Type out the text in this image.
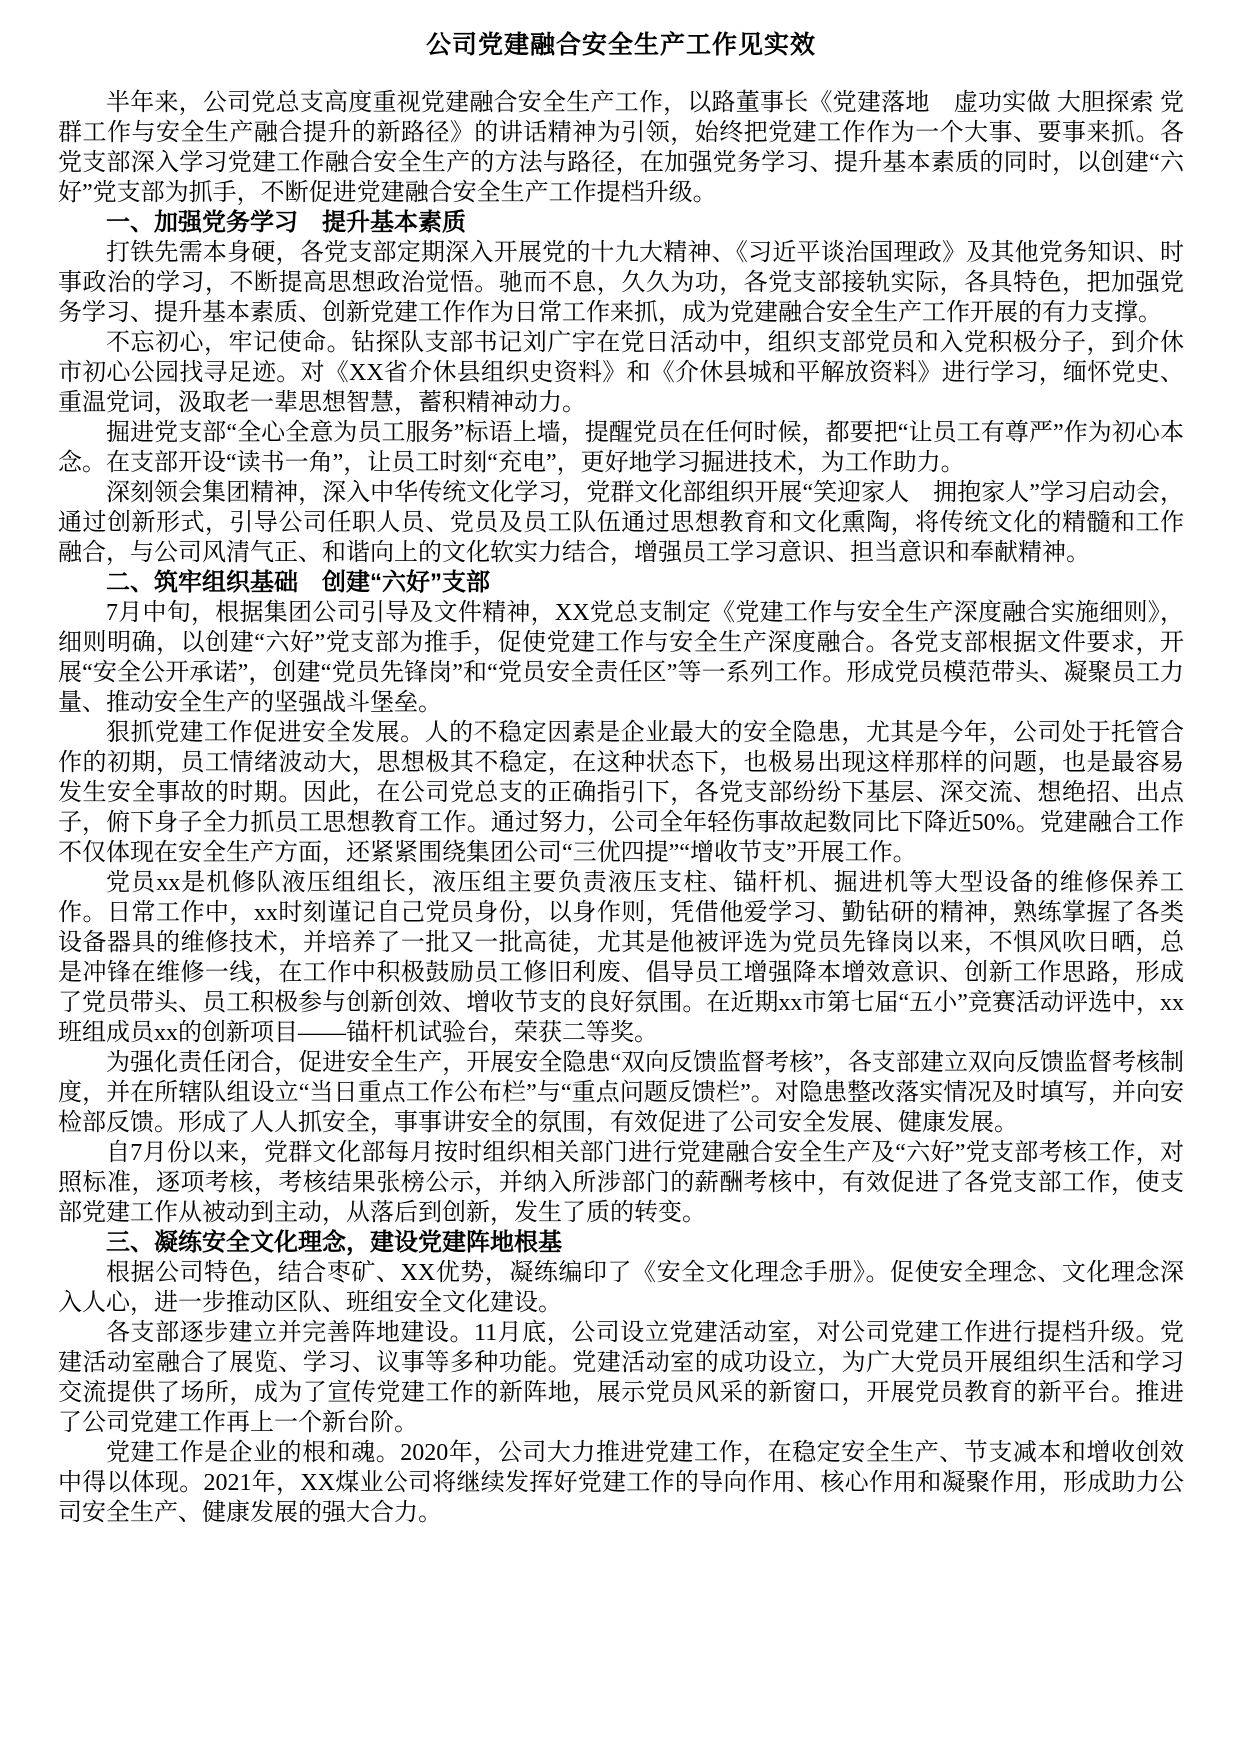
公司党建融合安全生产工作见实效

半年来，公司党总支高度重视党建融合安全生产工作，以路董事长《党建落地　虚功实做 大胆探索 党群工作与安全生产融合提升的新路径》的讲话精神为引领，始终把党建工作作为一个大事、要事来抓。各党支部深入学习党建工作融合安全生产的方法与路径，在加强党务学习、提升基本素质的同时，以创建“六好”党支部为抓手，不断促进党建融合安全生产工作提档升级。

一、加强党务学习　提升基本素质

打铁先需本身硬，各党支部定期深入开展党的十九大精神、《习近平谈治国理政》及其他党务知识、时事政治的学习，不断提高思想政治觉悟。驰而不息，久久为功，各党支部接轨实际，各具特色，把加强党务学习、提升基本素质、创新党建工作作为日常工作来抓，成为党建融合安全生产工作开展的有力支撑。

不忘初心，牢记使命。钻探队支部书记刘广宇在党日活动中，组织支部党员和入党积极分子，到介休市初心公园找寻足迹。对《XX省介休县组织史资料》和《介休县城和平解放资料》进行学习，缅怀党史、重温党词，汲取老一辈思想智慧，蓄积精神动力。

掘进党支部“全心全意为员工服务”标语上墙，提醒党员在任何时候，都要把“让员工有尊严”作为初心本念。在支部开设“读书一角”，让员工时刻“充电”，更好地学习掘进技术，为工作助力。

深刻领会集团精神，深入中华传统文化学习，党群文化部组织开展“笑迎家人　拥抱家人”学习启动会，通过创新形式，引导公司任职人员、党员及员工队伍通过思想教育和文化熏陶，将传统文化的精髓和工作融合，与公司风清气正、和谐向上的文化软实力结合，增强员工学习意识、担当意识和奉献精神。

二、筑牢组织基础　创建“六好”支部

7月中旬，根据集团公司引导及文件精神，XX党总支制定《党建工作与安全生产深度融合实施细则》，细则明确，以创建“六好”党支部为推手，促使党建工作与安全生产深度融合。各党支部根据文件要求，开展“安全公开承诺”，创建“党员先锋岗”和“党员安全责任区”等一系列工作。形成党员模范带头、凝聚员工力量、推动安全生产的坚强战斗堡垒。

狠抓党建工作促进安全发展。人的不稳定因素是企业最大的安全隐患，尤其是今年，公司处于托管合作的初期，员工情绪波动大，思想极其不稳定，在这种状态下，也极易出现这样那样的问题，也是最容易发生安全事故的时期。因此，在公司党总支的正确指引下，各党支部纷纷下基层、深交流、想绝招、出点子，俯下身子全力抓员工思想教育工作。通过努力，公司全年轻伤事故起数同比下降近50%。党建融合工作不仅体现在安全生产方面，还紧紧围绕集团公司“三优四提”“增收节支”开展工作。

党员xx是机修队液压组组长，液压组主要负责液压支柱、锚杆机、掘进机等大型设备的维修保养工作。日常工作中，xx时刻谨记自己党员身份，以身作则，凭借他爱学习、勤钻研的精神，熟练掌握了各类设备器具的维修技术，并培养了一批又一批高徒，尤其是他被评选为党员先锋岗以来，不惧风吹日晒，总是冲锋在维修一线，在工作中积极鼓励员工修旧利废、倡导员工增强降本增效意识、创新工作思路，形成了党员带头、员工积极参与创新创效、增收节支的良好氛围。在近期xx市第七届“五小”竞赛活动评选中，xx班组成员xx的创新项目——锚杆机试验台，荣获二等奖。

为强化责任闭合，促进安全生产，开展安全隐患“双向反馈监督考核”，各支部建立双向反馈监督考核制度，并在所辖队组设立“当日重点工作公布栏”与“重点问题反馈栏”。对隐患整改落实情况及时填写，并向安检部反馈。形成了人人抓安全，事事讲安全的氛围，有效促进了公司安全发展、健康发展。

自7月份以来，党群文化部每月按时组织相关部门进行党建融合安全生产及“六好”党支部考核工作，对照标准，逐项考核，考核结果张榜公示，并纳入所涉部门的薪酬考核中，有效促进了各党支部工作，使支部党建工作从被动到主动，从落后到创新，发生了质的转变。

三、凝练安全文化理念，建设党建阵地根基

根据公司特色，结合枣矿、XX优势，凝练编印了《安全文化理念手册》。促使安全理念、文化理念深入人心，进一步推动区队、班组安全文化建设。

各支部逐步建立并完善阵地建设。11月底，公司设立党建活动室，对公司党建工作进行提档升级。党建活动室融合了展览、学习、议事等多种功能。党建活动室的成功设立，为广大党员开展组织生活和学习交流提供了场所，成为了宣传党建工作的新阵地，展示党员风采的新窗口，开展党员教育的新平台。推进了公司党建工作再上一个新台阶。

党建工作是企业的根和魂。2020年，公司大力推进党建工作，在稳定安全生产、节支减本和增收创效中得以体现。2021年，XX煤业公司将继续发挥好党建工作的导向作用、核心作用和凝聚作用，形成助力公司安全生产、健康发展的强大合力。
